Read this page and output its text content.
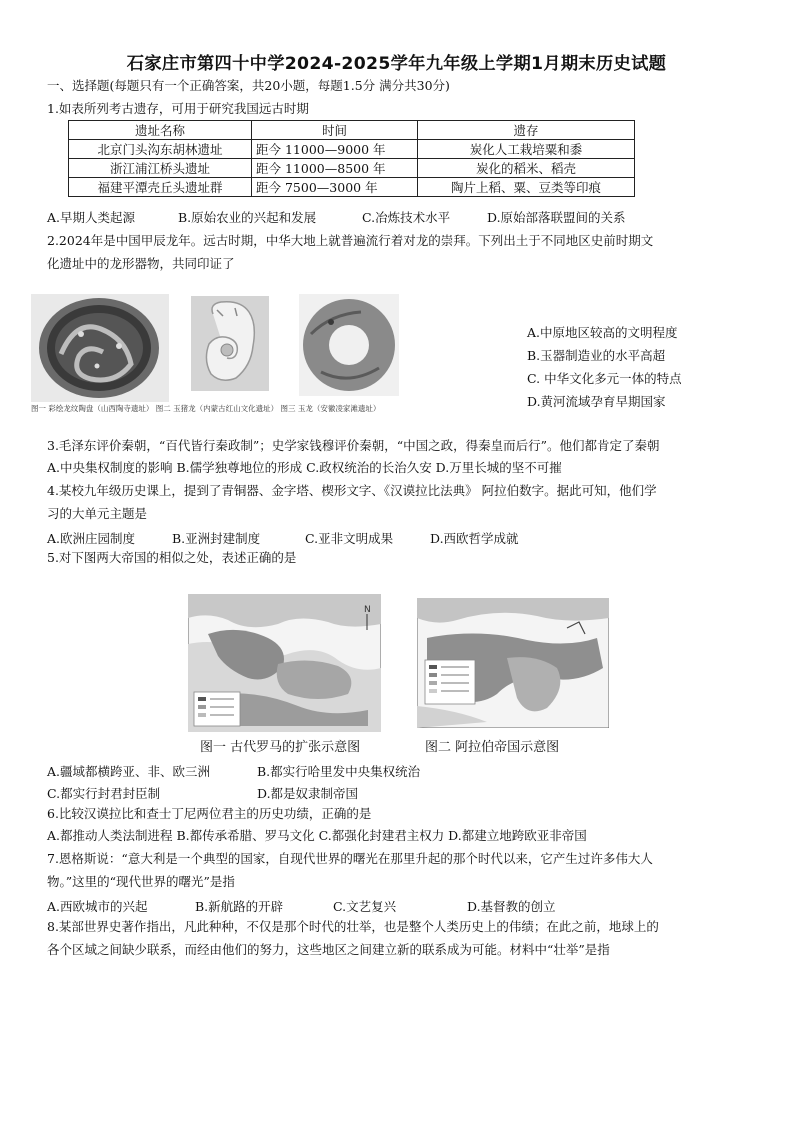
石家庄市第四十中学2024-2025学年九年级上学期1月期末历史试题
一、选择题(每题只有一个正确答案，共20小题，每题1.5分 满分共30分)
1.如表所列考古遗存，可用于研究我国远古时期
遗址名称	时间	遗存
北京门头沟东胡林遗址	距今 11000—9000 年	炭化人工栽培粟和黍
浙江浦江桥头遗址	距今 11000—8500 年	炭化的稻米、稻壳
福建平潭壳丘头遗址群	距今 7500—3000 年	陶片上稻、粟、豆类等印痕
A.早期人类起源	B.原始农业的兴起和发展	C.冶炼技术水平	D.原始部落联盟间的关系
2.2024年是中国甲辰龙年。远古时期，中华大地上就普遍流行着对龙的崇拜。下列出土于不同地区史前时期文
化遗址中的龙形器物，共同印证了
图一 彩绘龙纹陶盘（山西陶寺遗址） 图二 玉猪龙（内蒙古红山文化遗址） 图三 玉龙（安徽凌家滩遗址）
A.中原地区较高的文明程度
B.玉器制造业的水平高超
C. 中华文化多元一体的特点
D.黄河流域孕育早期国家
3.毛泽东评价秦朝，“百代皆行秦政制”；史学家钱穆评价秦朝，“中国之政，得秦皇而后行”。他们都肯定了秦朝
A.中央集权制度的影响 B.儒学独尊地位的形成 C.政权统治的长治久安 D.万里长城的坚不可摧
4.某校九年级历史课上，提到了青铜器、金字塔、楔形文字、《汉谟拉比法典》 阿拉伯数字。据此可知，他们学
习的大单元主题是
A.欧洲庄园制度	B.亚洲封建制度	C.亚非文明成果	D.西欧哲学成就
5.对下图两大帝国的相似之处，表述正确的是
N
图一 古代罗马的扩张示意图	图二 阿拉伯帝国示意图
A.疆域都横跨亚、非、欧三洲	B.都实行哈里发中央集权统治
C.都实行封君封臣制	D.都是奴隶制帝国
6.比较汉谟拉比和查士丁尼两位君主的历史功绩，正确的是
A.都推动人类法制进程 B.都传承希腊、罗马文化 C.都强化封建君主权力 D.都建立地跨欧亚非帝国
7.恩格斯说：“意大利是一个典型的国家，自现代世界的曙光在那里升起的那个时代以来，它产生过许多伟大人
物。”这里的“现代世界的曙光”是指
A.西欧城市的兴起	B.新航路的开辟	C.文艺复兴	D.基督教的创立
8.某部世界史著作指出，凡此种种，不仅是那个时代的壮举，也是整个人类历史上的伟绩；在此之前，地球上的
各个区域之间缺少联系，而经由他们的努力，这些地区之间建立新的联系成为可能。材料中“壮举”是指
